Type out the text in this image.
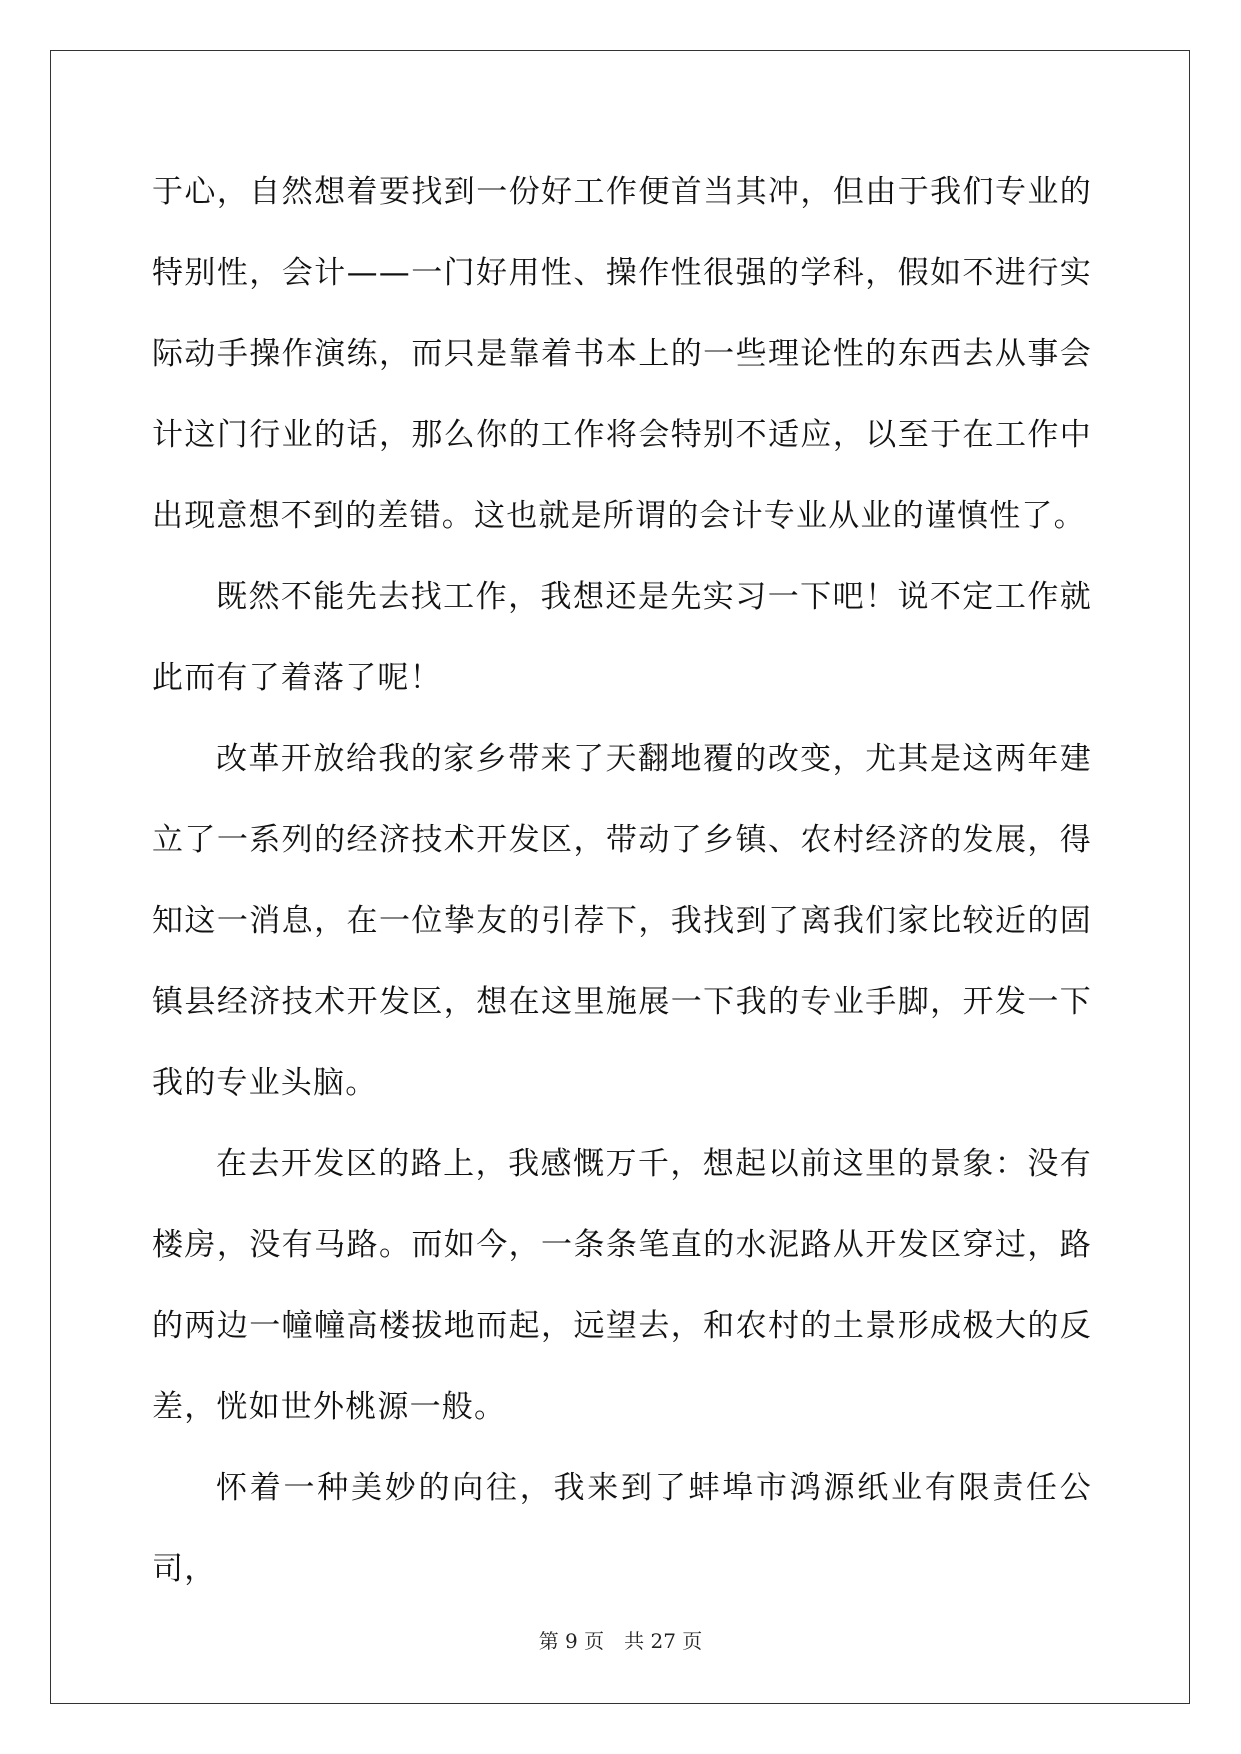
于心，自然想着要找到一份好工作便首当其冲，但由于我们专业的特别性，会计——一门好用性、操作性很强的学科，假如不进行实际动手操作演练，而只是靠着书本上的一些理论性的东西去从事会计这门行业的话，那么你的工作将会特别不适应，以至于在工作中出现意想不到的差错。这也就是所谓的会计专业从业的谨慎性了。

既然不能先去找工作，我想还是先实习一下吧！说不定工作就此而有了着落了呢！

改革开放给我的家乡带来了天翻地覆的改变，尤其是这两年建立了一系列的经济技术开发区，带动了乡镇、农村经济的发展，得知这一消息，在一位挚友的引荐下，我找到了离我们家比较近的固镇县经济技术开发区，想在这里施展一下我的专业手脚，开发一下我的专业头脑。

在去开发区的路上，我感慨万千，想起以前这里的景象：没有楼房，没有马路。而如今，一条条笔直的水泥路从开发区穿过，路的两边一幢幢高楼拔地而起，远望去，和农村的土景形成极大的反差，恍如世外桃源一般。

怀着一种美妙的向往，我来到了蚌埠市鸿源纸业有限责任公司，

第 9 页　共 27 页
